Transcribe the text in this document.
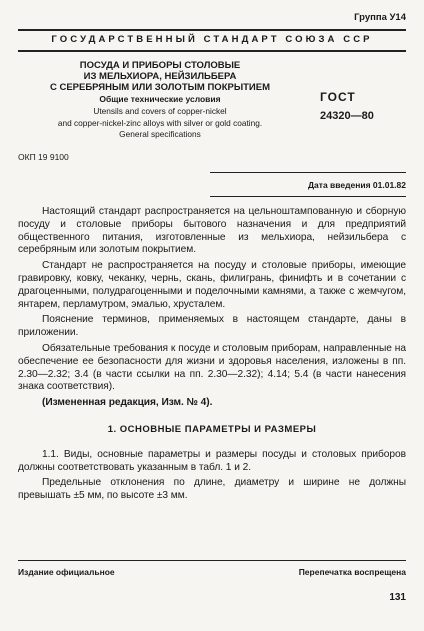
Группа У14
ГОСУДАРСТВЕННЫЙ СТАНДАРТ СОЮЗА ССР
ПОСУДА И ПРИБОРЫ СТОЛОВЫЕ
ИЗ МЕЛЬХИОРА, НЕЙЗИЛЬБЕРА
С СЕРЕБРЯНЫМ ИЛИ ЗОЛОТЫМ ПОКРЫТИЕМ
Общие технические условия
Utensils and covers of copper-nickel
and copper-nickel-zinc alloys with silver or gold coating.
General specifications
ГОСТ
24320—80
ОКП 19 9100
Дата введения 01.01.82

Настоящий стандарт распространяется на цельноштампованную и сборную посуду и столовые приборы бытового назначения и для предприятий общественного питания, изготовленные из мельхиора, нейзильбера с серебряным или золотым покрытием.

Стандарт не распространяется на посуду и столовые приборы, имеющие гравировку, ковку, чеканку, чернь, скань, филигрань, финифть и в сочетании с драгоценными, полудрагоценными и поделочными камнями, а также с жемчугом, янтарем, перламутром, эмалью, хрусталем.

Пояснение терминов, применяемых в настоящем стандарте, даны в приложении.

Обязательные требования к посуде и столовым приборам, направленные на обеспечение ее безопасности для жизни и здоровья населения, изложены в пп. 2.30—2.32; 3.4 (в части ссылки на пп. 2.30—2.32); 4.14; 5.4 (в части нанесения знака соответствия).

(Измененная редакция, Изм. № 4).

1. ОСНОВНЫЕ ПАРАМЕТРЫ И РАЗМЕРЫ

1.1. Виды, основные параметры и размеры посуды и столовых приборов должны соответствовать указанным в табл. 1 и 2.

Предельные отклонения по длине, диаметру и ширине не должны превышать ±5 мм, по высоте ±3 мм.

Издание официальное	Перепечатка воспрещена
131
